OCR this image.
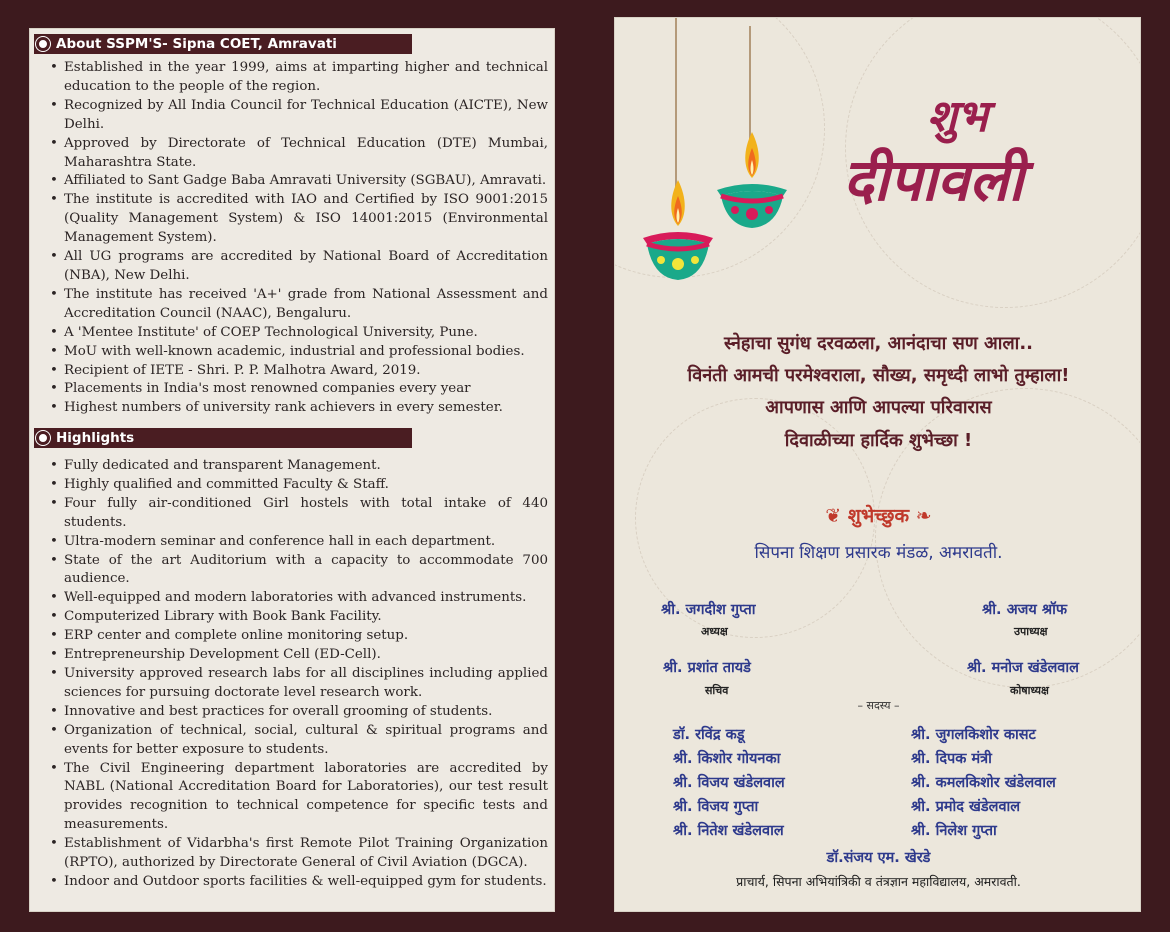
About SSPM'S- Sipna COET, Amravati
• Established in the year 1999, aims at imparting higher and technical education to the people of the region.
• Recognized by All India Council for Technical Education (AICTE), New Delhi.
• Approved by Directorate of Technical Education (DTE) Mumbai, Maharashtra State.
• Affiliated to Sant Gadge Baba Amravati University (SGBAU), Amravati.
• The institute is accredited with IAO and Certified by ISO 9001:2015 (Quality Management System) & ISO 14001:2015 (Environmental Management System).
• All UG programs are accredited by National Board of Accreditation (NBA), New Delhi.
• The institute has received 'A+' grade from National Assessment and Accreditation Council (NAAC), Bengaluru.
• A 'Mentee Institute' of COEP Technological University, Pune.
• MoU with well-known academic, industrial and professional bodies.
• Recipient of IETE - Shri. P. P. Malhotra Award, 2019.
• Placements in India's most renowned companies every year
• Highest numbers of university rank achievers in every semester.
Highlights
• Fully dedicated and transparent Management.
• Highly qualified and committed Faculty & Staff.
• Four fully air-conditioned Girl hostels with total intake of 440 students.
• Ultra-modern seminar and conference hall in each department.
• State of the art Auditorium with a capacity to accommodate 700 audience.
• Well-equipped and modern laboratories with advanced instruments.
• Computerized Library with Book Bank Facility.
• ERP center and complete online monitoring setup.
• Entrepreneurship Development Cell (ED-Cell).
• University approved research labs for all disciplines including applied sciences for pursuing doctorate level research work.
• Innovative and best practices for overall grooming of students.
• Organization of technical, social, cultural & spiritual programs and events for better exposure to students.
• The Civil Engineering department laboratories are accredited by NABL (National Accreditation Board for Laboratories), our test result provides recognition to technical competence for specific tests and measurements.
• Establishment of Vidarbha's first Remote Pilot Training Organization (RPTO), authorized by Directorate General of Civil Aviation (DGCA).
• Indoor and Outdoor sports facilities & well-equipped gym for students.
शुभ
दीपावली
स्नेहाचा सुगंध दरवळला, आनंदाचा सण आला..
विनंती आमची परमेश्वराला, सौख्य, समृध्दी लाभो तुम्हाला!
आपणास आणि आपल्या परिवारास
दिवाळीच्या हार्दिक शुभेच्छा !
❦ शुभेच्छुक ❧
सिपना शिक्षण प्रसारक मंडळ, अमरावती.
श्री. जगदीश गुप्ता
अध्यक्ष
श्री. अजय श्रॉफ
उपाध्यक्ष
श्री. प्रशांत तायडे
सचिव
श्री. मनोज खंडेलवाल
कोषाध्यक्ष
– सदस्य –
डॉ. रविंद्र कडू
श्री. किशोर गोयनका
श्री. विजय खंडेलवाल
श्री. विजय गुप्ता
श्री. नितेश खंडेलवाल
श्री. जुगलकिशोर कासट
श्री. दिपक मंत्री
श्री. कमलकिशोर खंडेलवाल
श्री. प्रमोद खंडेलवाल
श्री. निलेश गुप्ता
डॉ.संजय एम. खेरडे
प्राचार्य, सिपना अभियांत्रिकी व तंत्रज्ञान महाविद्यालय, अमरावती.
